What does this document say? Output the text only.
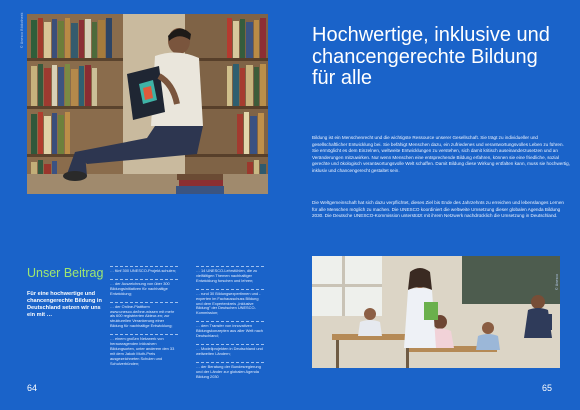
© Unesco Bibliotheek
Unser Beitrag
Für eine hochwertige und chancengerechte Bildung in Deutschland setzen wir uns ein mit …
… fünf 300 UNESCO-Projekt-schulen;
… der Auszeichnung von über 300 Bildungsinitiativen für nachhaltige Entwicklung;
… der Online-Plattform www.unesco.de/bne-wissen mit mehr als 600 registrierten Akteur-en; zur strukturellen Verankerung einer Bildung für nachhaltige Entwicklung;
… einem großen Netzwerk von herausragenden inklusiven Bildungsorten, unter anderem den 33 mit dem Jakob Muth-Preis ausgezeichneten Schulen und Schulverbünden;
… 14 UNESCO-Lehrstühlen, die zu vielfältigen Themen nachhaltiger Entwicklung forschen und lehren;
… rund 30 Bildungsexpertinnen und -experten im Fachausschuss Bildung und dem Expertenkreis „Inklusive Bildung" der Deutschen UNESCO-Kommission;
… dem Transfer von innovativen Bildungskonzepten aus aller Welt nach Deutschland;
… Modellprojekten in Deutschland und weltweiten Ländern;
… der Beratung der Bundesregierung und der Länder zur globalen Agenda Bildung 2030
64
Hochwertige, inklusive und chancengerechte Bildung für alle

Bildung ist ein Menschenrecht und die wichtigste Ressource unserer Gesellschaft. Sie trägt zu individueller und gesellschaftlicher Entwicklung bei. Sie befähigt Menschen dazu, ein zufriedenes und verantwortungsvolles Leben zu führen. Sie ermöglicht es dem Einzelnen, weltweite Entwicklungen zu verstehen, sich damit kritisch auseinanderzusetzen und an Veränderungen mitzuwirken. Nur wenn Menschen eine entsprechende Bildung erfahren, können sie eine friedliche, sozial gerechte und ökologisch verantwortungsvolle Welt schaffen. Damit Bildung diese Wirkung entfalten kann, muss sie hochwertig, inklusiv und chancengerecht gestaltet sein.

Die Weltgemeinschaft hat sich dazu verpflichtet, dieses Ziel bis Ende des Jahrzehnts zu erreichen und lebenslanges Lernen für alle Menschen möglich zu machen. Die UNESCO koordiniert die weltweite Umsetzung dieser globalen Agenda Bildung 2030. Die Deutsche UNESCO-Kommission unterstützt mit ihrem Netzwerk nachdrücklich die Umsetzung in Deutschland.

© Unesco
65
